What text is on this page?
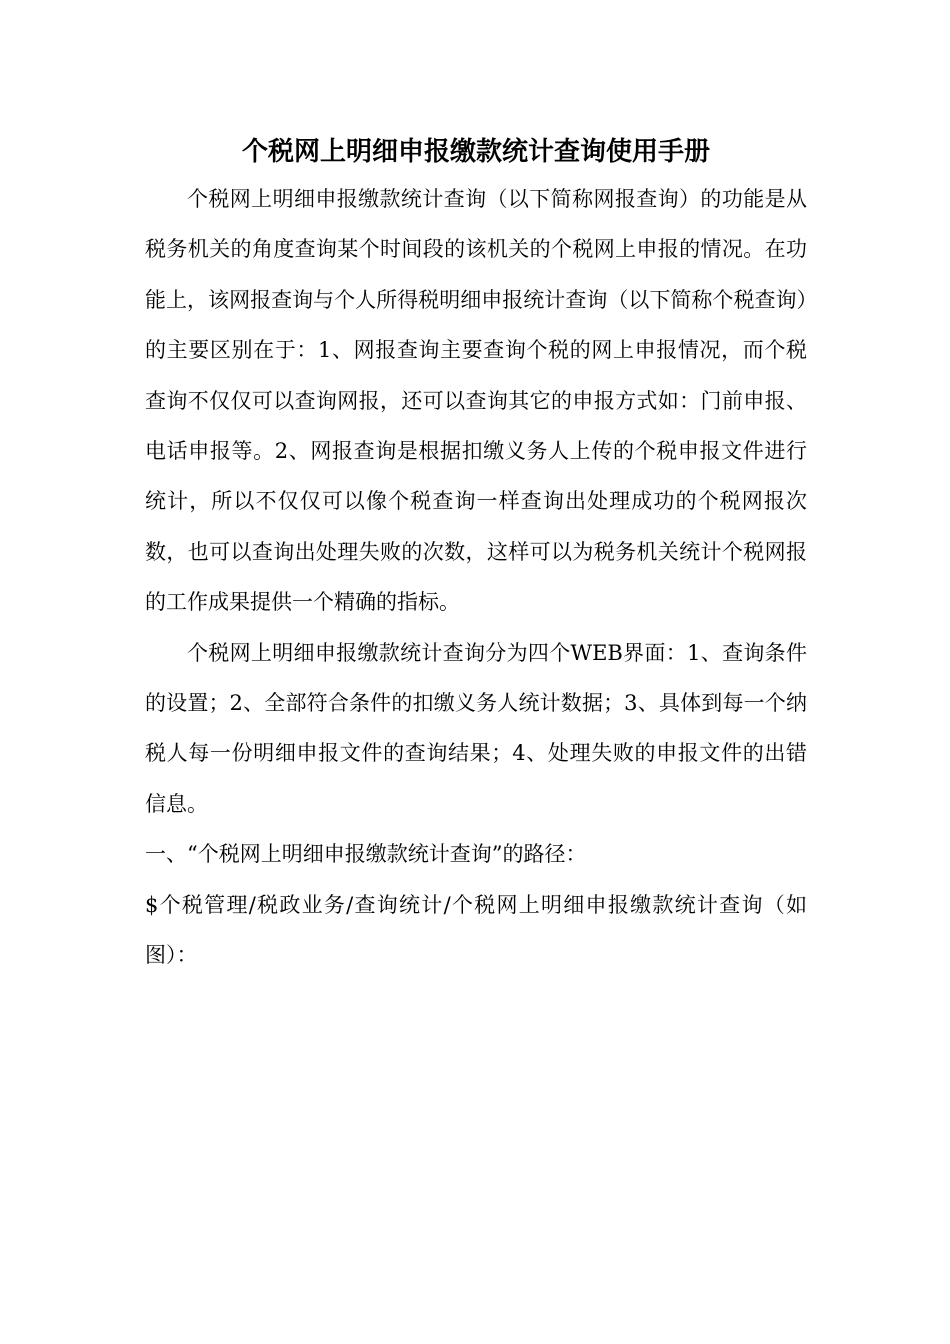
个税网上明细申报缴款统计查询使用手册

个税网上明细申报缴款统计查询（以下简称网报查询）的功能是从税务机关的角度查询某个时间段的该机关的个税网上申报的情况。在功能上，该网报查询与个人所得税明细申报统计查询（以下简称个税查询）的主要区别在于：1、网报查询主要查询个税的网上申报情况，而个税查询不仅仅可以查询网报，还可以查询其它的申报方式如：门前申报、电话申报等。2、网报查询是根据扣缴义务人上传的个税申报文件进行统计，所以不仅仅可以像个税查询一样查询出处理成功的个税网报次数，也可以查询出处理失败的次数，这样可以为税务机关统计个税网报的工作成果提供一个精确的指标。

个税网上明细申报缴款统计查询分为四个WEB界面：1、查询条件的设置；2、全部符合条件的扣缴义务人统计数据；3、具体到每一个纳税人每一份明细申报文件的查询结果；4、处理失败的申报文件的出错信息。

一、“个税网上明细申报缴款统计查询”的路径：

$个税管理/税政业务/查询统计/个税网上明细申报缴款统计查询（如图）：
